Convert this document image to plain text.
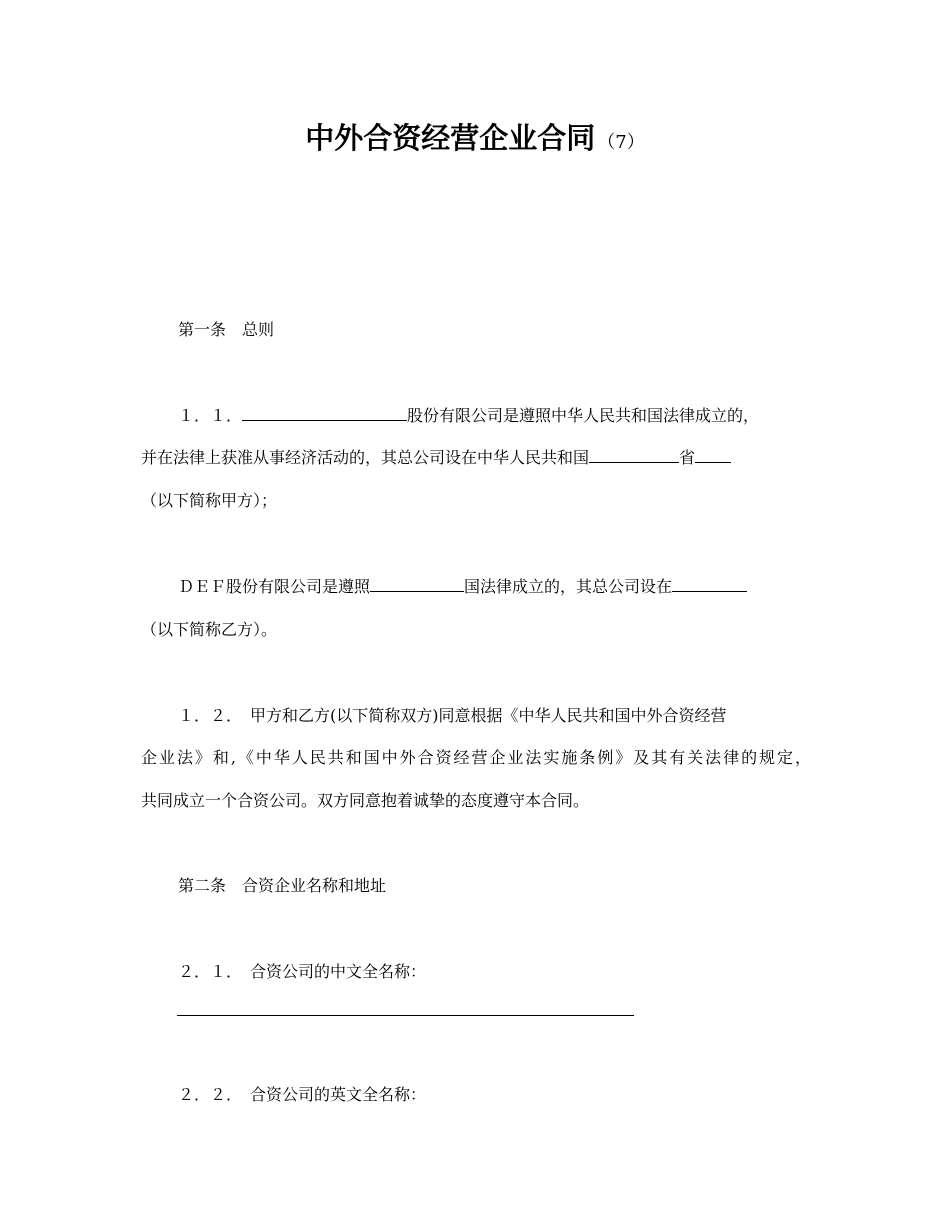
中外合资经营企业合同 （7）
第一条　总则
１．１．	股份有限公司是遵照中华人民共和国法律成立的，
并在法律上获准从事经济活动的，其总公司设在中华人民共和国	省
（以下简称甲方）；
ＤＥＦ股份有限公司是遵照	国法律成立的，其总公司设在
（以下简称乙方）。
１．２．　甲方和乙方(以下简称双方)同意根据《中华人民共和国中外合资经营
企业法》和,《中华人民共和国中外合资经营企业法实施条例》及其有关法律的规定，
共同成立一个合资公司。双方同意抱着诚挚的态度遵守本合同。
第二条　合资企业名称和地址
２．１．　合资公司的中文全名称：
２．２．　合资公司的英文全名称：
